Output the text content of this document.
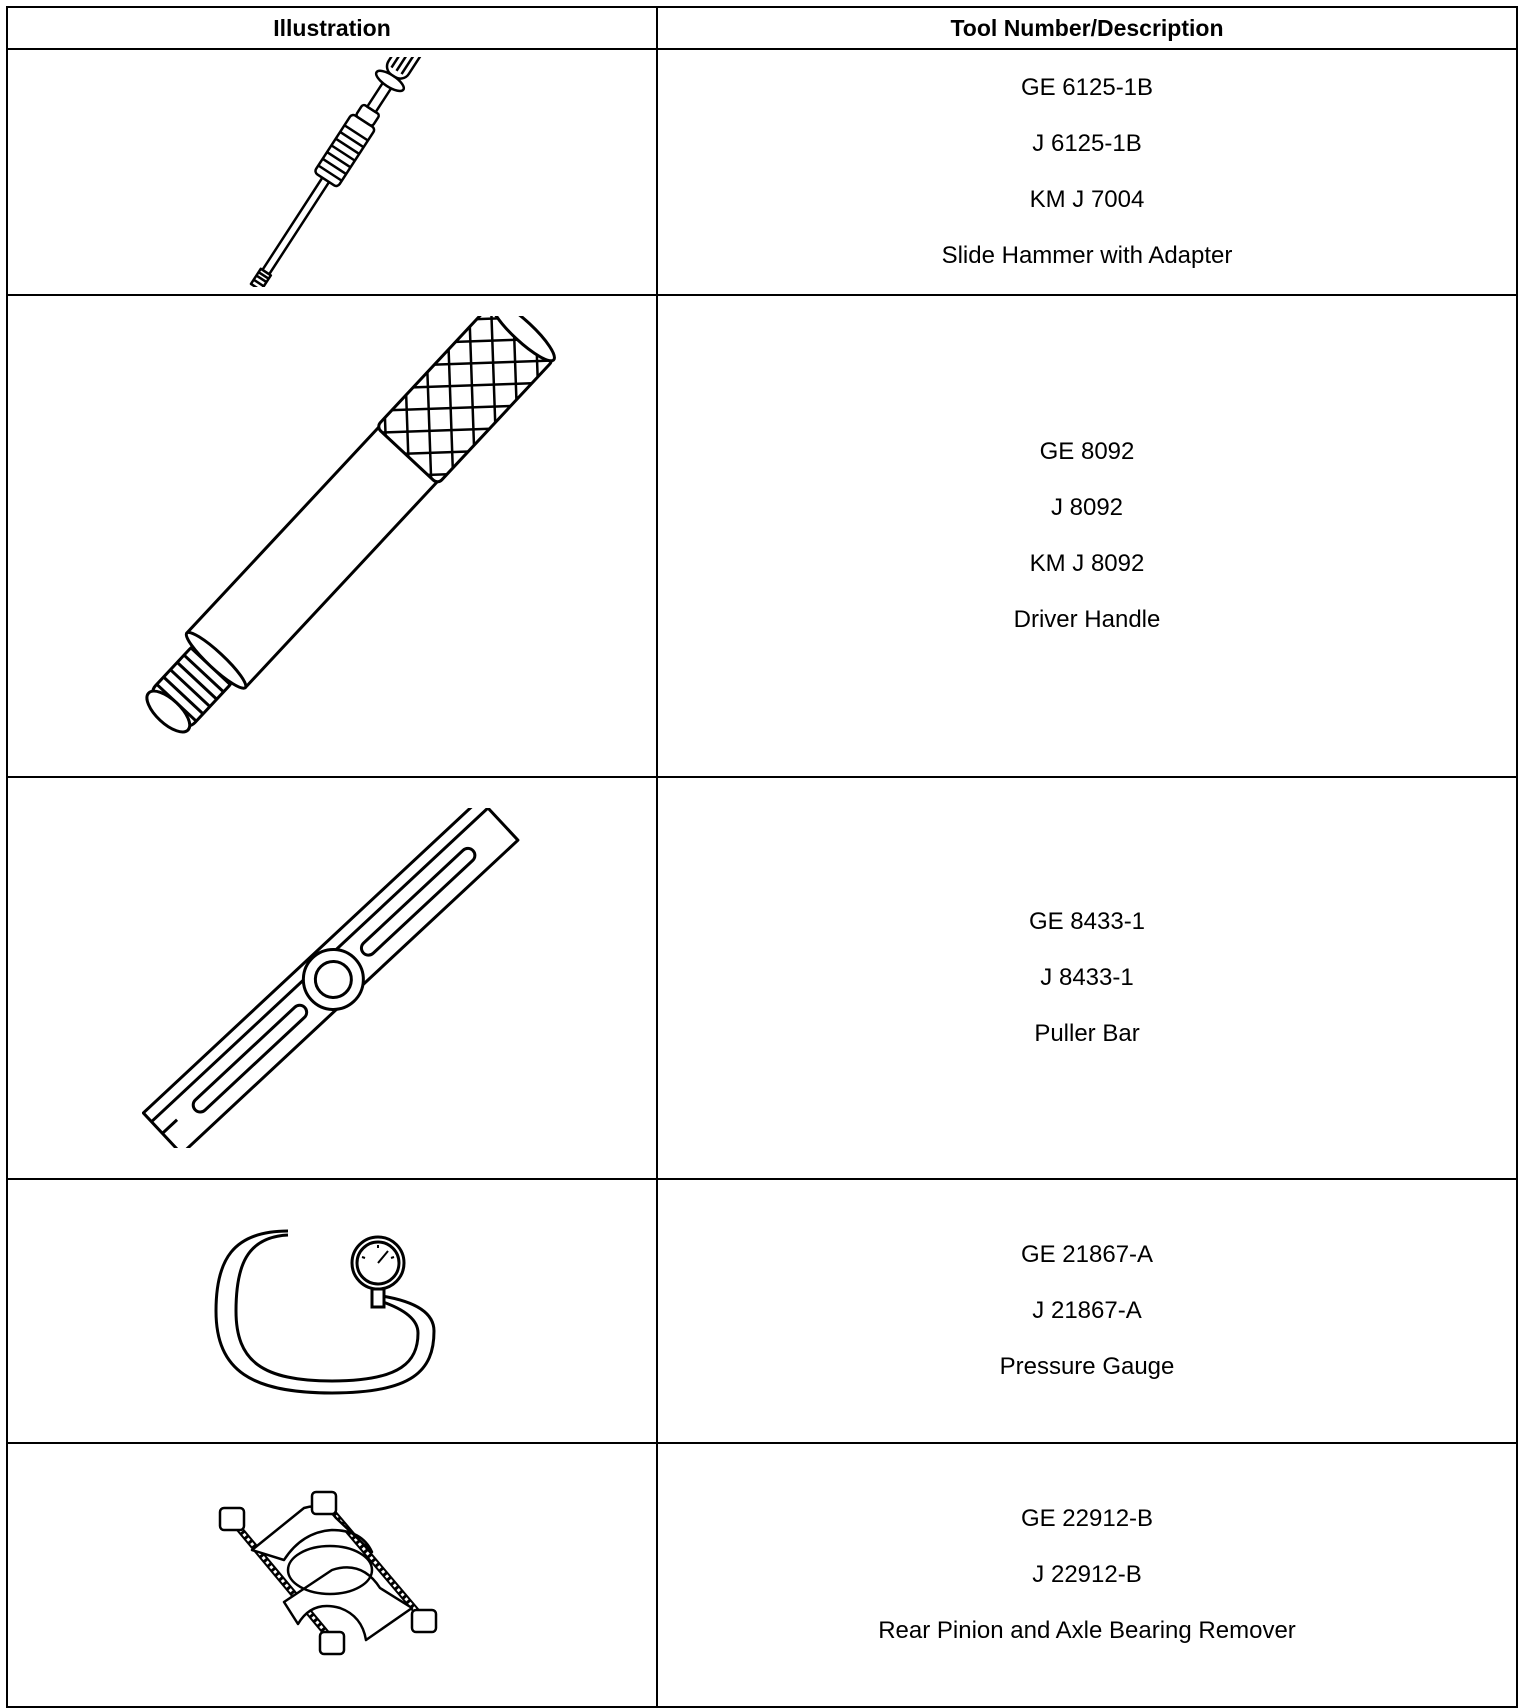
Illustration	Tool Number/Description

GE 6125-1B
J 6125-1B
KM J 7004
Slide Hammer with Adapter

GE 8092
J 8092
KM J 8092
Driver Handle

GE 8433-1
J 8433-1
Puller Bar

GE 21867-A
J 21867-A
Pressure Gauge

GE 22912-B
J 22912-B
Rear Pinion and Axle Bearing Remover
